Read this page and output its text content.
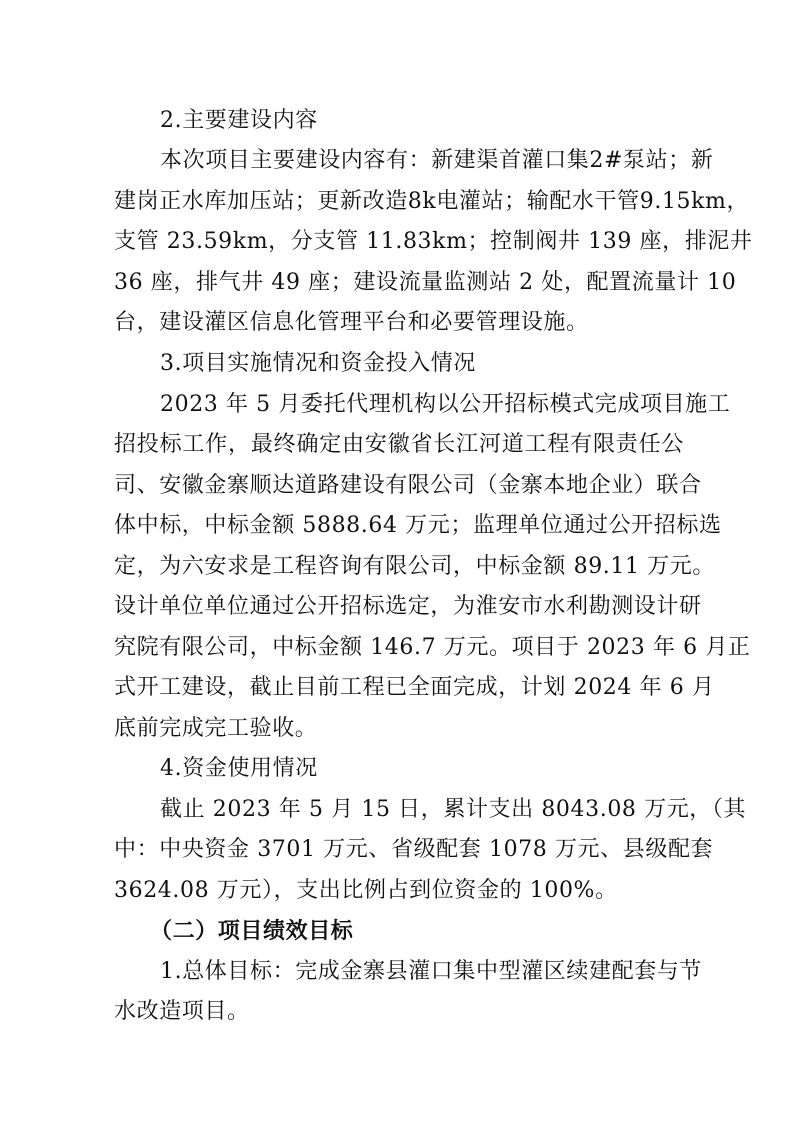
2.主要建设内容
本次项目主要建设内容有：新建渠首灌口集2#泵站；新
建岗正水库加压站；更新改造8k电灌站；输配水干管9.15km，
支管 23.59km，分支管 11.83km；控制阀井 139 座，排泥井
36 座，排气井 49 座；建设流量监测站 2 处，配置流量计 10
台，建设灌区信息化管理平台和必要管理设施。
3.项目实施情况和资金投入情况
2023 年 5 月委托代理机构以公开招标模式完成项目施工
招投标工作，最终确定由安徽省长江河道工程有限责任公
司、安徽金寨顺达道路建设有限公司（金寨本地企业）联合
体中标，中标金额 5888.64 万元；监理单位通过公开招标选
定，为六安求是工程咨询有限公司，中标金额 89.11 万元。
设计单位单位通过公开招标选定，为淮安市水利勘测设计研
究院有限公司，中标金额 146.7 万元。项目于 2023 年 6 月正
式开工建设，截止目前工程已全面完成，计划 2024 年 6 月
底前完成完工验收。
4.资金使用情况
截止 2023 年 5 月 15 日，累计支出 8043.08 万元，（其
中：中央资金 3701 万元、省级配套 1078 万元、县级配套
3624.08 万元），支出比例占到位资金的 100%。
（二）项目绩效目标
1.总体目标：完成金寨县灌口集中型灌区续建配套与节
水改造项目。
